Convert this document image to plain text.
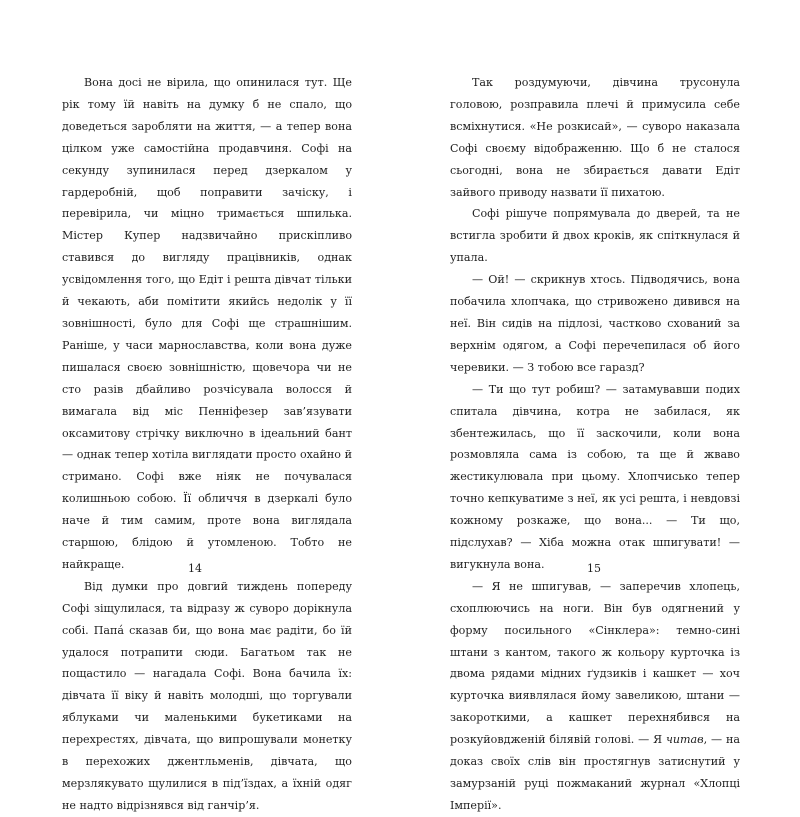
Вона досі не вірила, що опинилася тут. Ще рік тому їй навіть на думку б не спало, що доведеться заробляти на життя, — а тепер вона цілком уже самостійна продавчиня. Софі на секунду зупинилася перед дзеркалом у гардеробній, щоб поправити зачіску, і перевірила, чи міцно тримається шпилька. Містер Купер надзвичайно прискіпливо ставився до вигляду працівників, однак усвідомлення того, що Едіт і решта дівчат тільки й чекають, аби помітити якийсь недолік у її зовнішності, було для Софі ще страшнішим. Раніше, у часи марнославства, коли вона дуже пишалася своєю зовнішністю, щовечора чи не сто разів дбайливо розчісувала волосся й вимагала від міс Пенніфезер зав’язувати оксамитову стрічку виключно в ідеальний бант — однак тепер хотіла виглядати просто охайно й стримано. Софі вже ніяк не почувалася колишньою собою. Її обличчя в дзеркалі було наче й тим самим, проте вона виглядала старшою, блідою й утомленою. Тобто не найкраще.

Від думки про довгий тиждень попереду Софі зіщулилася, та відразу ж суворо дорікнула собі. Папá сказав би, що вона має радіти, бо їй удалося потрапити сюди. Багатьом так не пощастило — нагадала Софі. Вона бачила їх: дівчата її віку й навіть молодші, що торгували яблуками чи маленькими букетиками на перехрестях, дівчата, що випрошували монетку в перехожих джентльменів, дівчата, що мерзлякувато щулилися в під’їздах, а їхній одяг не надто відрізнявся від ганчір’я.

14

Так роздумуючи, дівчина трусонула головою, розправила плечі й примусила себе всміхнутися. «Не розкисай», — суворо наказала Софі своєму відображенню. Що б не сталося сьогодні, вона не збирається давати Едіт зайвого приводу назвати її пихатою.

Софі рішуче попрямувала до дверей, та не встигла зробити й двох кроків, як спіткнулася й упала.

— Ой! — скрикнув хтось. Підводячись, вона побачила хлопчака, що стривожено дивився на неї. Він сидів на підлозі, частково схований за верхнім одягом, а Софі перечепилася об його черевики. — З тобою все гаразд?

— Ти що тут робиш? — затамувавши подих спитала дівчина, котра не забилася, як збентежилась, що її заскочили, коли вона розмовляла сама із собою, та ще й жваво жестикулювала при цьому. Хлопчисько тепер точно кепкуватиме з неї, як усі решта, і невдовзі кожному розкаже, що вона... — Ти що, підслухав? — Хіба можна отак шпигувати! — вигукнула вона.

— Я не шпигував, — заперечив хлопець, схоплюючись на ноги. Він був одягнений у форму посильного «Сінклера»: темно-сині штани з кантом, такого ж кольору курточка із двома рядами мідних ґудзиків і кашкет — хоч курточка виявлялася йому завеликою, штани — закороткими, а кашкет перехнябився на розкуйовдженій білявій голові. — Я читав, — на доказ своїх слів він простягнув затиснутий у замурзаній руці пожмаканий журнал «Хлопці Імперії».

15
